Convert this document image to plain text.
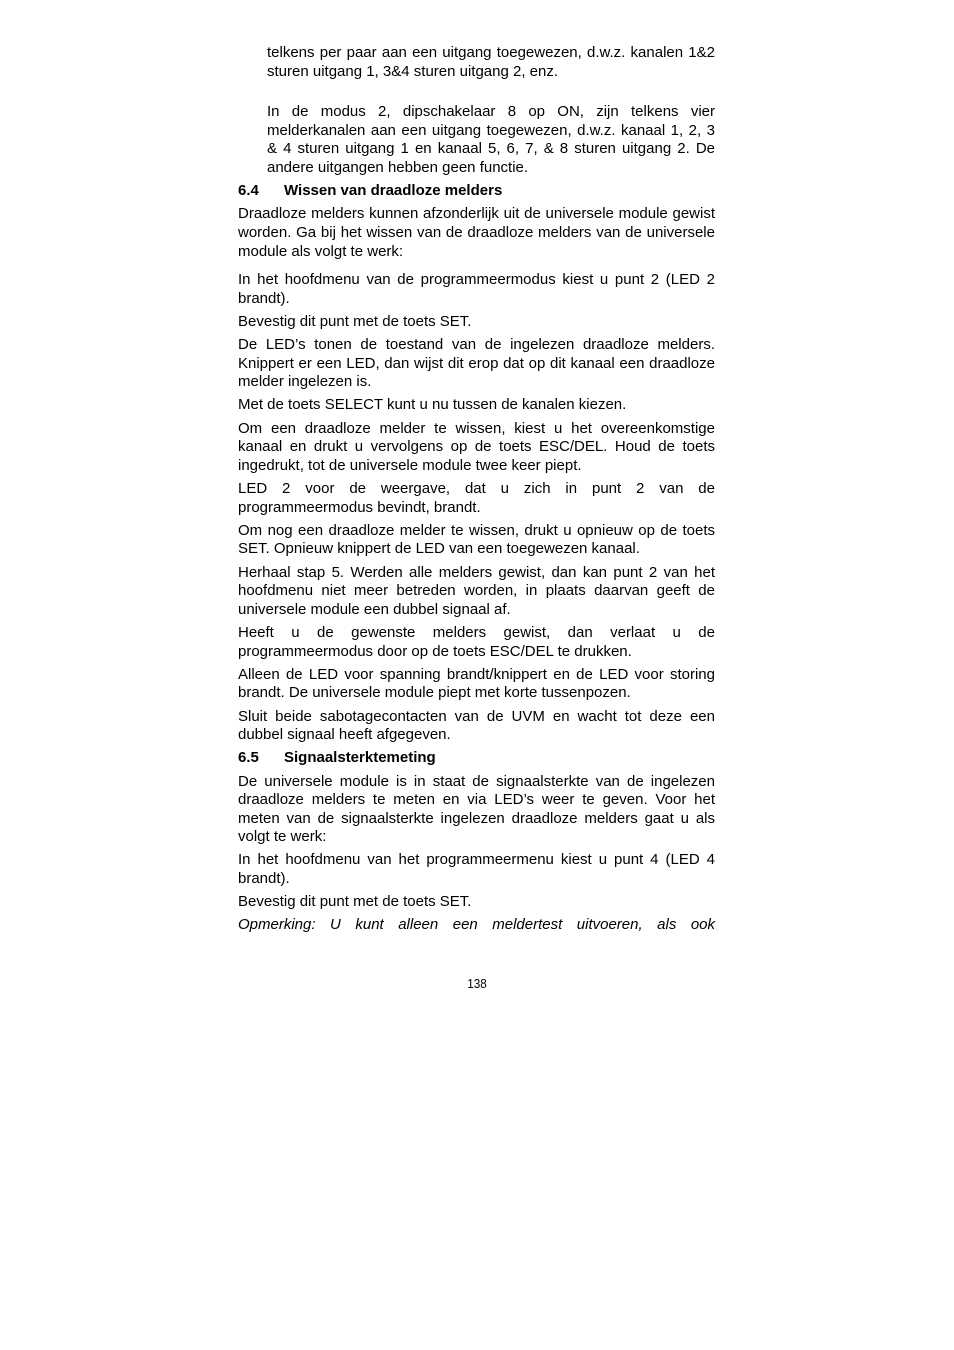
telkens per paar aan een uitgang toegewezen, d.w.z. kanalen 1&2 sturen uitgang 1, 3&4 sturen uitgang 2, enz.

In de modus 2, dipschakelaar 8 op ON, zijn telkens vier melderkanalen aan een uitgang toegewezen, d.w.z. kanaal 1, 2, 3 & 4 sturen uitgang 1 en kanaal 5, 6, 7, & 8 sturen uitgang 2. De andere uitgangen hebben geen functie.

6.4	Wissen van draadloze melders

Draadloze melders kunnen afzonderlijk uit de universele module gewist worden. Ga bij het wissen van de draadloze melders van de universele module als volgt te werk:

In het hoofdmenu van de programmeermodus kiest u punt 2 (LED 2 brandt).

Bevestig dit punt met de toets SET.

De LED’s tonen de toestand van de ingelezen draadloze melders. Knippert er een LED, dan wijst dit erop dat op dit kanaal een draadloze melder ingelezen is.

Met de toets SELECT kunt u nu tussen de kanalen kiezen.

Om een draadloze melder te wissen, kiest u het overeenkomstige kanaal en drukt u vervolgens op de toets ESC/DEL. Houd de toets ingedrukt, tot de universele module twee keer piept.

LED 2 voor de weergave, dat u zich in punt 2 van de programmeermodus bevindt, brandt.

Om nog een draadloze melder te wissen, drukt u opnieuw op de toets SET. Opnieuw knippert de LED van een toegewezen kanaal.

Herhaal stap 5. Werden alle melders gewist, dan kan punt 2 van het hoofdmenu niet meer betreden worden, in plaats daarvan geeft de universele module een dubbel signaal af.

Heeft u de gewenste melders gewist, dan verlaat u de programmeermodus door op de toets ESC/DEL te drukken.

Alleen de LED voor spanning brandt/knippert en de LED voor storing brandt. De universele module piept met korte tussenpozen.

Sluit beide sabotagecontacten van de UVM en wacht tot deze een dubbel signaal heeft afgegeven.

6.5	Signaalsterktemeting

De universele module is in staat de signaalsterkte van de ingelezen draadloze melders te meten en via LED’s weer te geven. Voor het meten van de signaalsterkte ingelezen draadloze melders gaat u als volgt te werk:

In het hoofdmenu van het programmeermenu kiest u punt 4 (LED 4 brandt).

Bevestig dit punt met de toets SET.

Opmerking: U kunt alleen een meldertest uitvoeren, als ook

138
